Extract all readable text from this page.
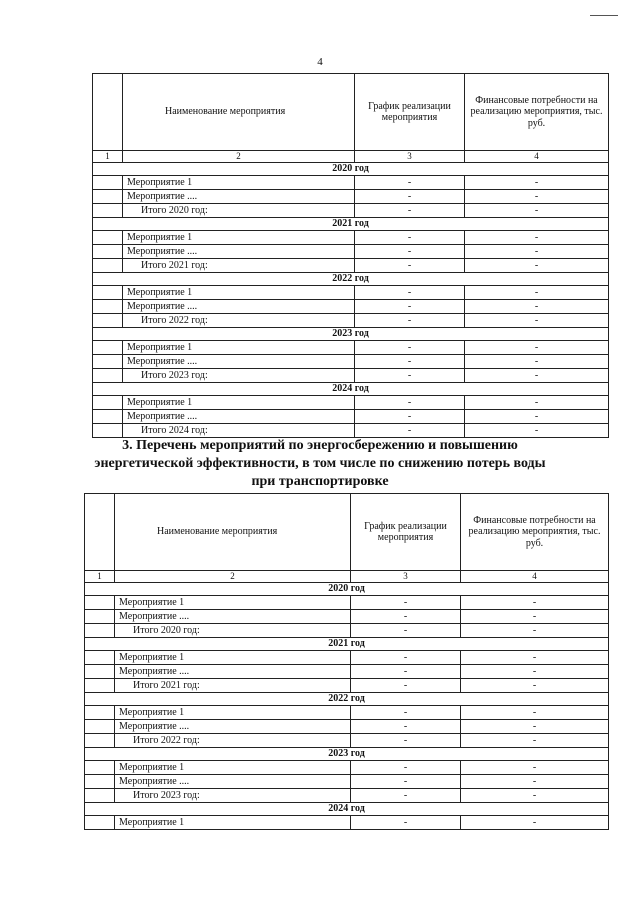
4
	Наименование мероприятия	График реализации мероприятия	Финансовые потребности на реализацию мероприятия, тыс. руб.
1	2	3	4
2020 год			
	Мероприятие 1	-	-
	Мероприятие ....	-	-
	Итого 2020 год:	-	-
2021 год			
	Мероприятие 1	-	-
	Мероприятие ....	-	-
	Итого 2021 год:	-	-
2022 год			
	Мероприятие 1	-	-
	Мероприятие ....	-	-
	Итого 2022 год:	-	-
2023 год			
	Мероприятие 1	-	-
	Мероприятие ....	-	-
	Итого 2023 год:	-	-
2024 год			
	Мероприятие 1	-	-
	Мероприятие ....	-	-
	Итого 2024 год:	-	-
3. Перечень мероприятий по энергосбережению и повышению
энергетической эффективности, в том числе по снижению потерь воды
при транспортировке
	Наименование мероприятия	График реализации мероприятия	Финансовые потребности на реализацию мероприятия, тыс. руб.
1	2	3	4
2020 год			
	Мероприятие 1	-	-
	Мероприятие ....	-	-
	Итого 2020 год:	-	-
2021 год			
	Мероприятие 1	-	-
	Мероприятие ....	-	-
	Итого 2021 год:	-	-
2022 год			
	Мероприятие 1	-	-
	Мероприятие ....	-	-
	Итого 2022 год:	-	-
2023 год			
	Мероприятие 1	-	-
	Мероприятие ....	-	-
	Итого 2023 год:	-	-
2024 год			
	Мероприятие 1	-	-
